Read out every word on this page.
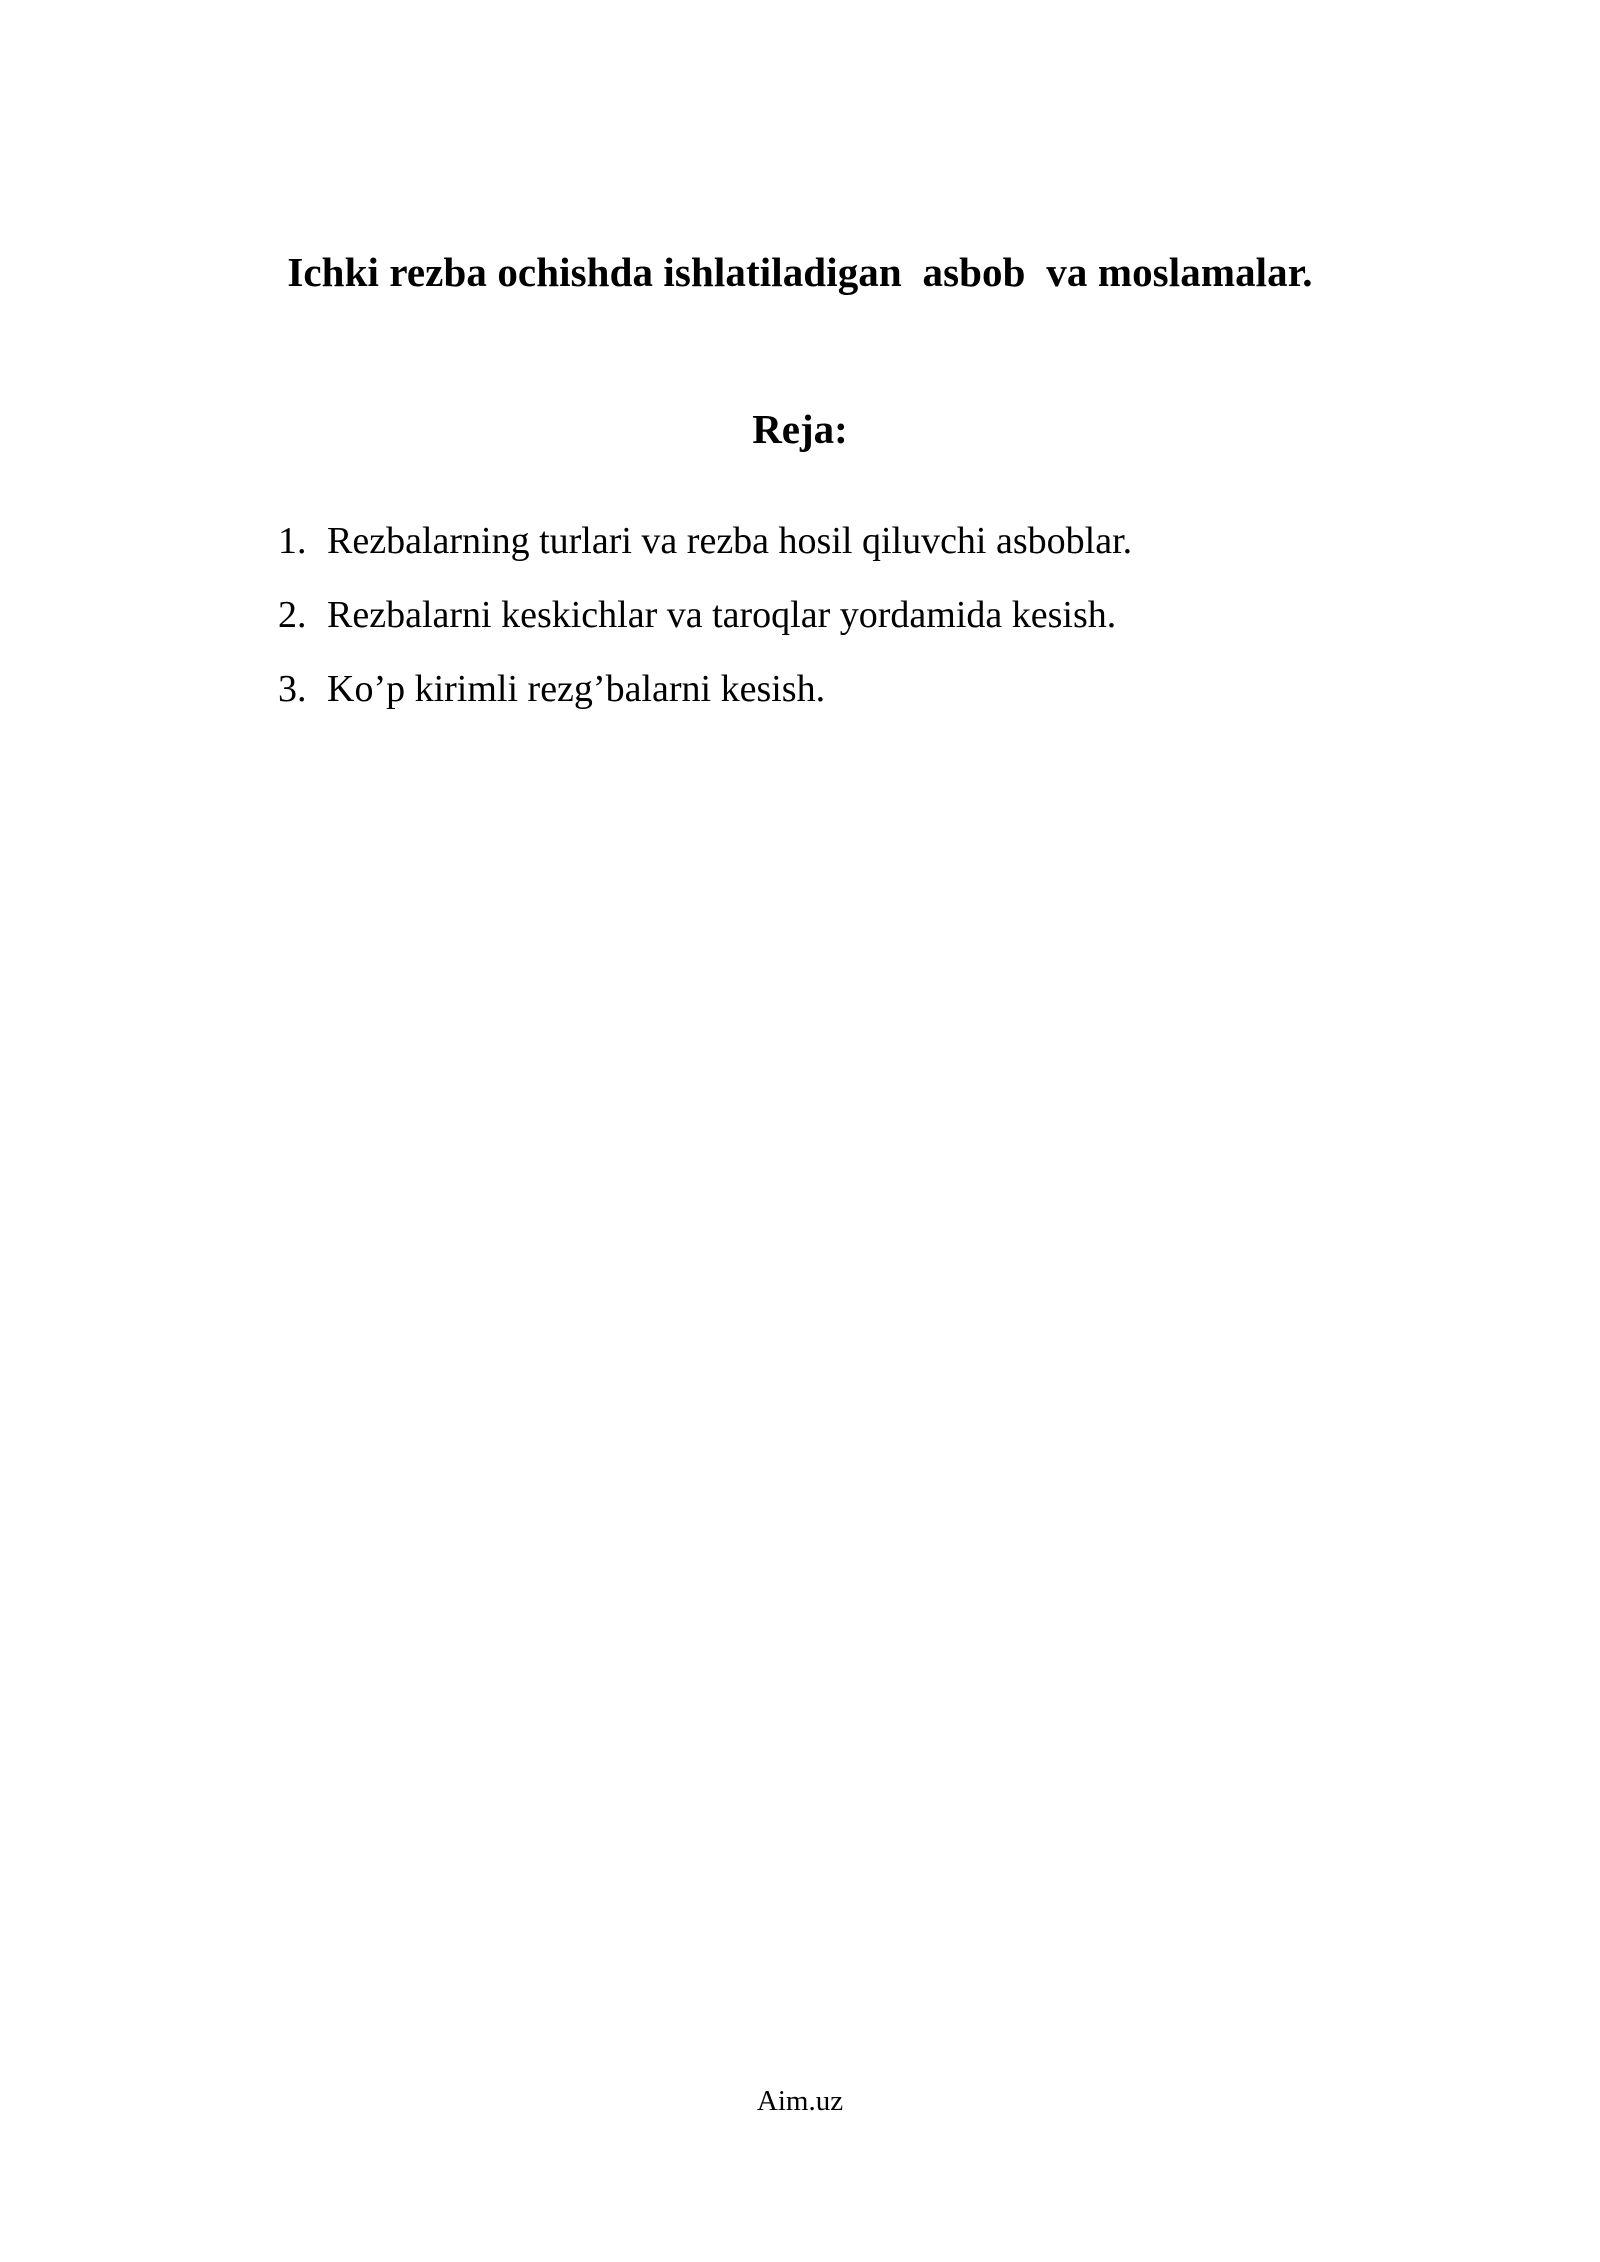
Ichki rezba ochishda ishlatiladigan  asbob  va moslamalar.
Reja:
1. Rezbalarning turlari va rezba hosil qiluvchi asboblar.
2. Rezbalarni keskichlar va taroqlar yordamida kesish.
3. Ko’p kirimli rezg’balarni kesish.
Aim.uz
